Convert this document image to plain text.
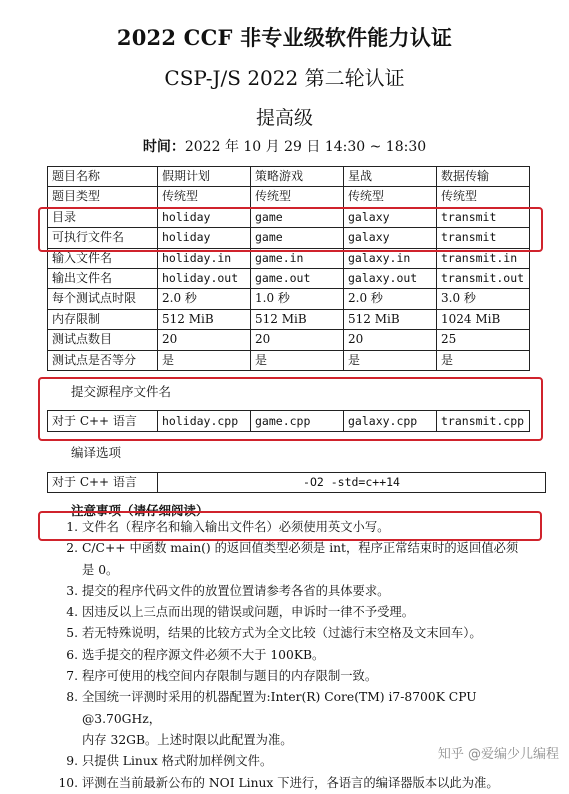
2022 CCF 非专业级软件能力认证
CSP-J/S 2022 第二轮认证
提高级
时间：2022 年 10 月 29 日 14:30 ~ 18:30
题目名称	假期计划	策略游戏	星战	数据传输
题目类型	传统型	传统型	传统型	传统型
目录	holiday	game	galaxy	transmit
可执行文件名	holiday	game	galaxy	transmit
输入文件名	holiday.in	game.in	galaxy.in	transmit.in
输出文件名	holiday.out	game.out	galaxy.out	transmit.out
每个测试点时限	2.0 秒	1.0 秒	2.0 秒	3.0 秒
内存限制	512 MiB	512 MiB	512 MiB	1024 MiB
测试点数目	20	20	20	25
测试点是否等分	是	是	是	是
提交源程序文件名
对于 C++ 语言	holiday.cpp	game.cpp	galaxy.cpp	transmit.cpp
编译选项
对于 C++ 语言	-O2 -std=c++14
注意事项（请仔细阅读）
1. 文件名（程序名和输入输出文件名）必须使用英文小写。
2. C/C++ 中函数 main() 的返回值类型必须是 int，程序正常结束时的返回值必须
是 0。
3. 提交的程序代码文件的放置位置请参考各省的具体要求。
4. 因违反以上三点而出现的错误或问题，申诉时一律不予受理。
5. 若无特殊说明，结果的比较方式为全文比较（过滤行末空格及文末回车）。
6. 选手提交的程序源文件必须不大于 100KB。
7. 程序可使用的栈空间内存限制与题目的内存限制一致。
8. 全国统一评测时采用的机器配置为:Inter(R) Core(TM) i7-8700K CPU @3.70GHz，
内存 32GB。上述时限以此配置为准。
9. 只提供 Linux 格式附加样例文件。
10. 评测在当前最新公布的 NOI Linux 下进行，各语言的编译器版本以此为准。
知乎 @爱编少儿编程
